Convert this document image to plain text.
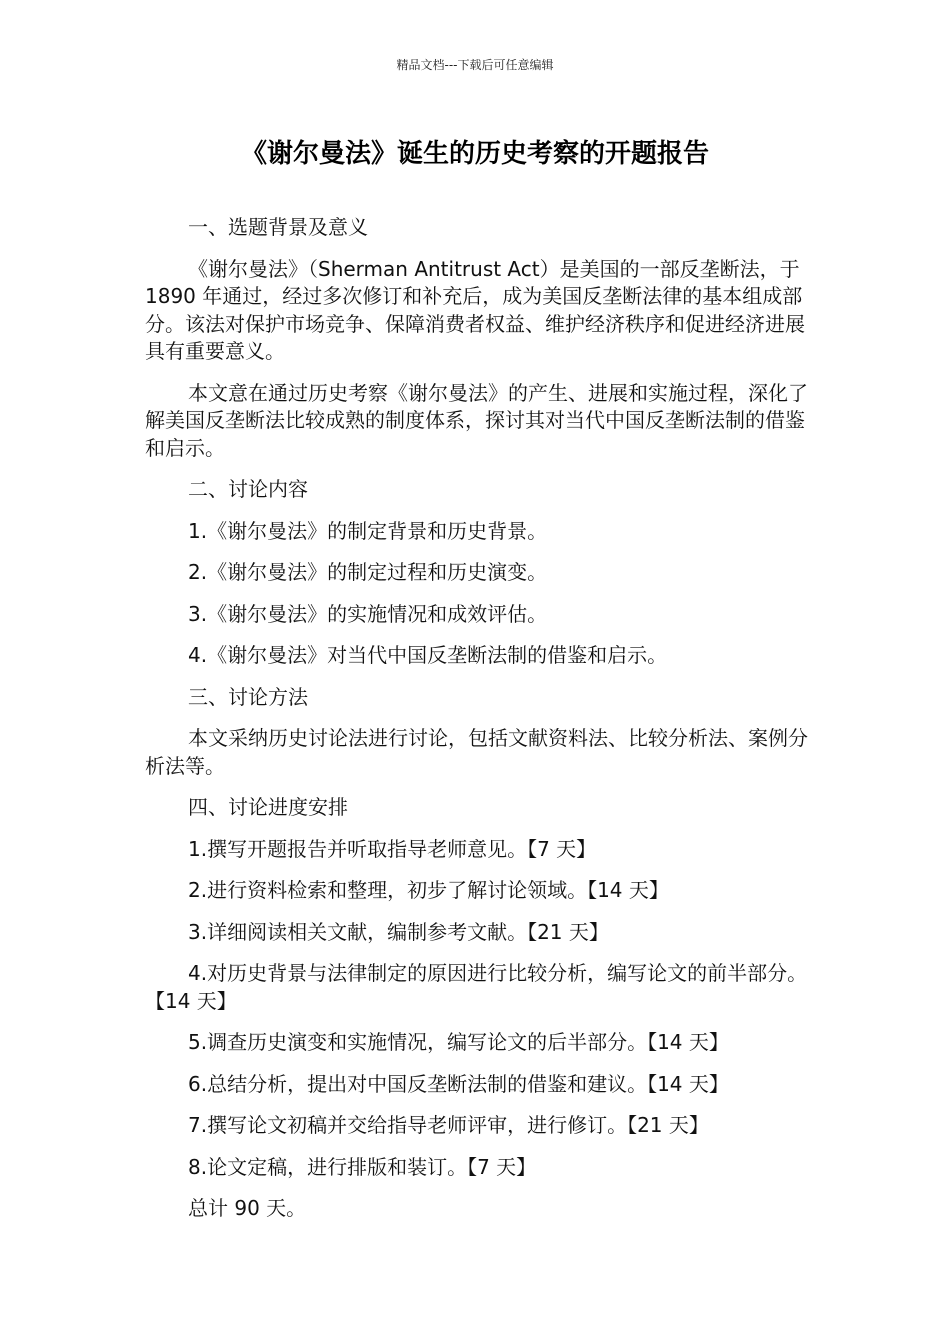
精品文档---下载后可任意编辑
《谢尔曼法》诞生的历史考察的开题报告

一、选题背景及意义

《谢尔曼法》（Sherman Antitrust Act）是美国的一部反垄断法，于 1890 年通过，经过多次修订和补充后，成为美国反垄断法律的基本组成部分。该法对保护市场竞争、保障消费者权益、维护经济秩序和促进经济进展具有重要意义。

本文意在通过历史考察《谢尔曼法》的产生、进展和实施过程，深化了解美国反垄断法比较成熟的制度体系，探讨其对当代中国反垄断法制的借鉴和启示。

二、讨论内容

1.《谢尔曼法》的制定背景和历史背景。

2.《谢尔曼法》的制定过程和历史演变。

3.《谢尔曼法》的实施情况和成效评估。

4.《谢尔曼法》对当代中国反垄断法制的借鉴和启示。

三、讨论方法

本文采纳历史讨论法进行讨论，包括文献资料法、比较分析法、案例分析法等。

四、讨论进度安排

1.撰写开题报告并听取指导老师意见。【7 天】

2.进行资料检索和整理，初步了解讨论领域。【14 天】

3.详细阅读相关文献，编制参考文献。【21 天】

4.对历史背景与法律制定的原因进行比较分析，编写论文的前半部分。【14 天】

5.调查历史演变和实施情况，编写论文的后半部分。【14 天】

6.总结分析，提出对中国反垄断法制的借鉴和建议。【14 天】

7.撰写论文初稿并交给指导老师评审，进行修订。【21 天】

8.论文定稿，进行排版和装订。【7 天】

总计 90 天。
